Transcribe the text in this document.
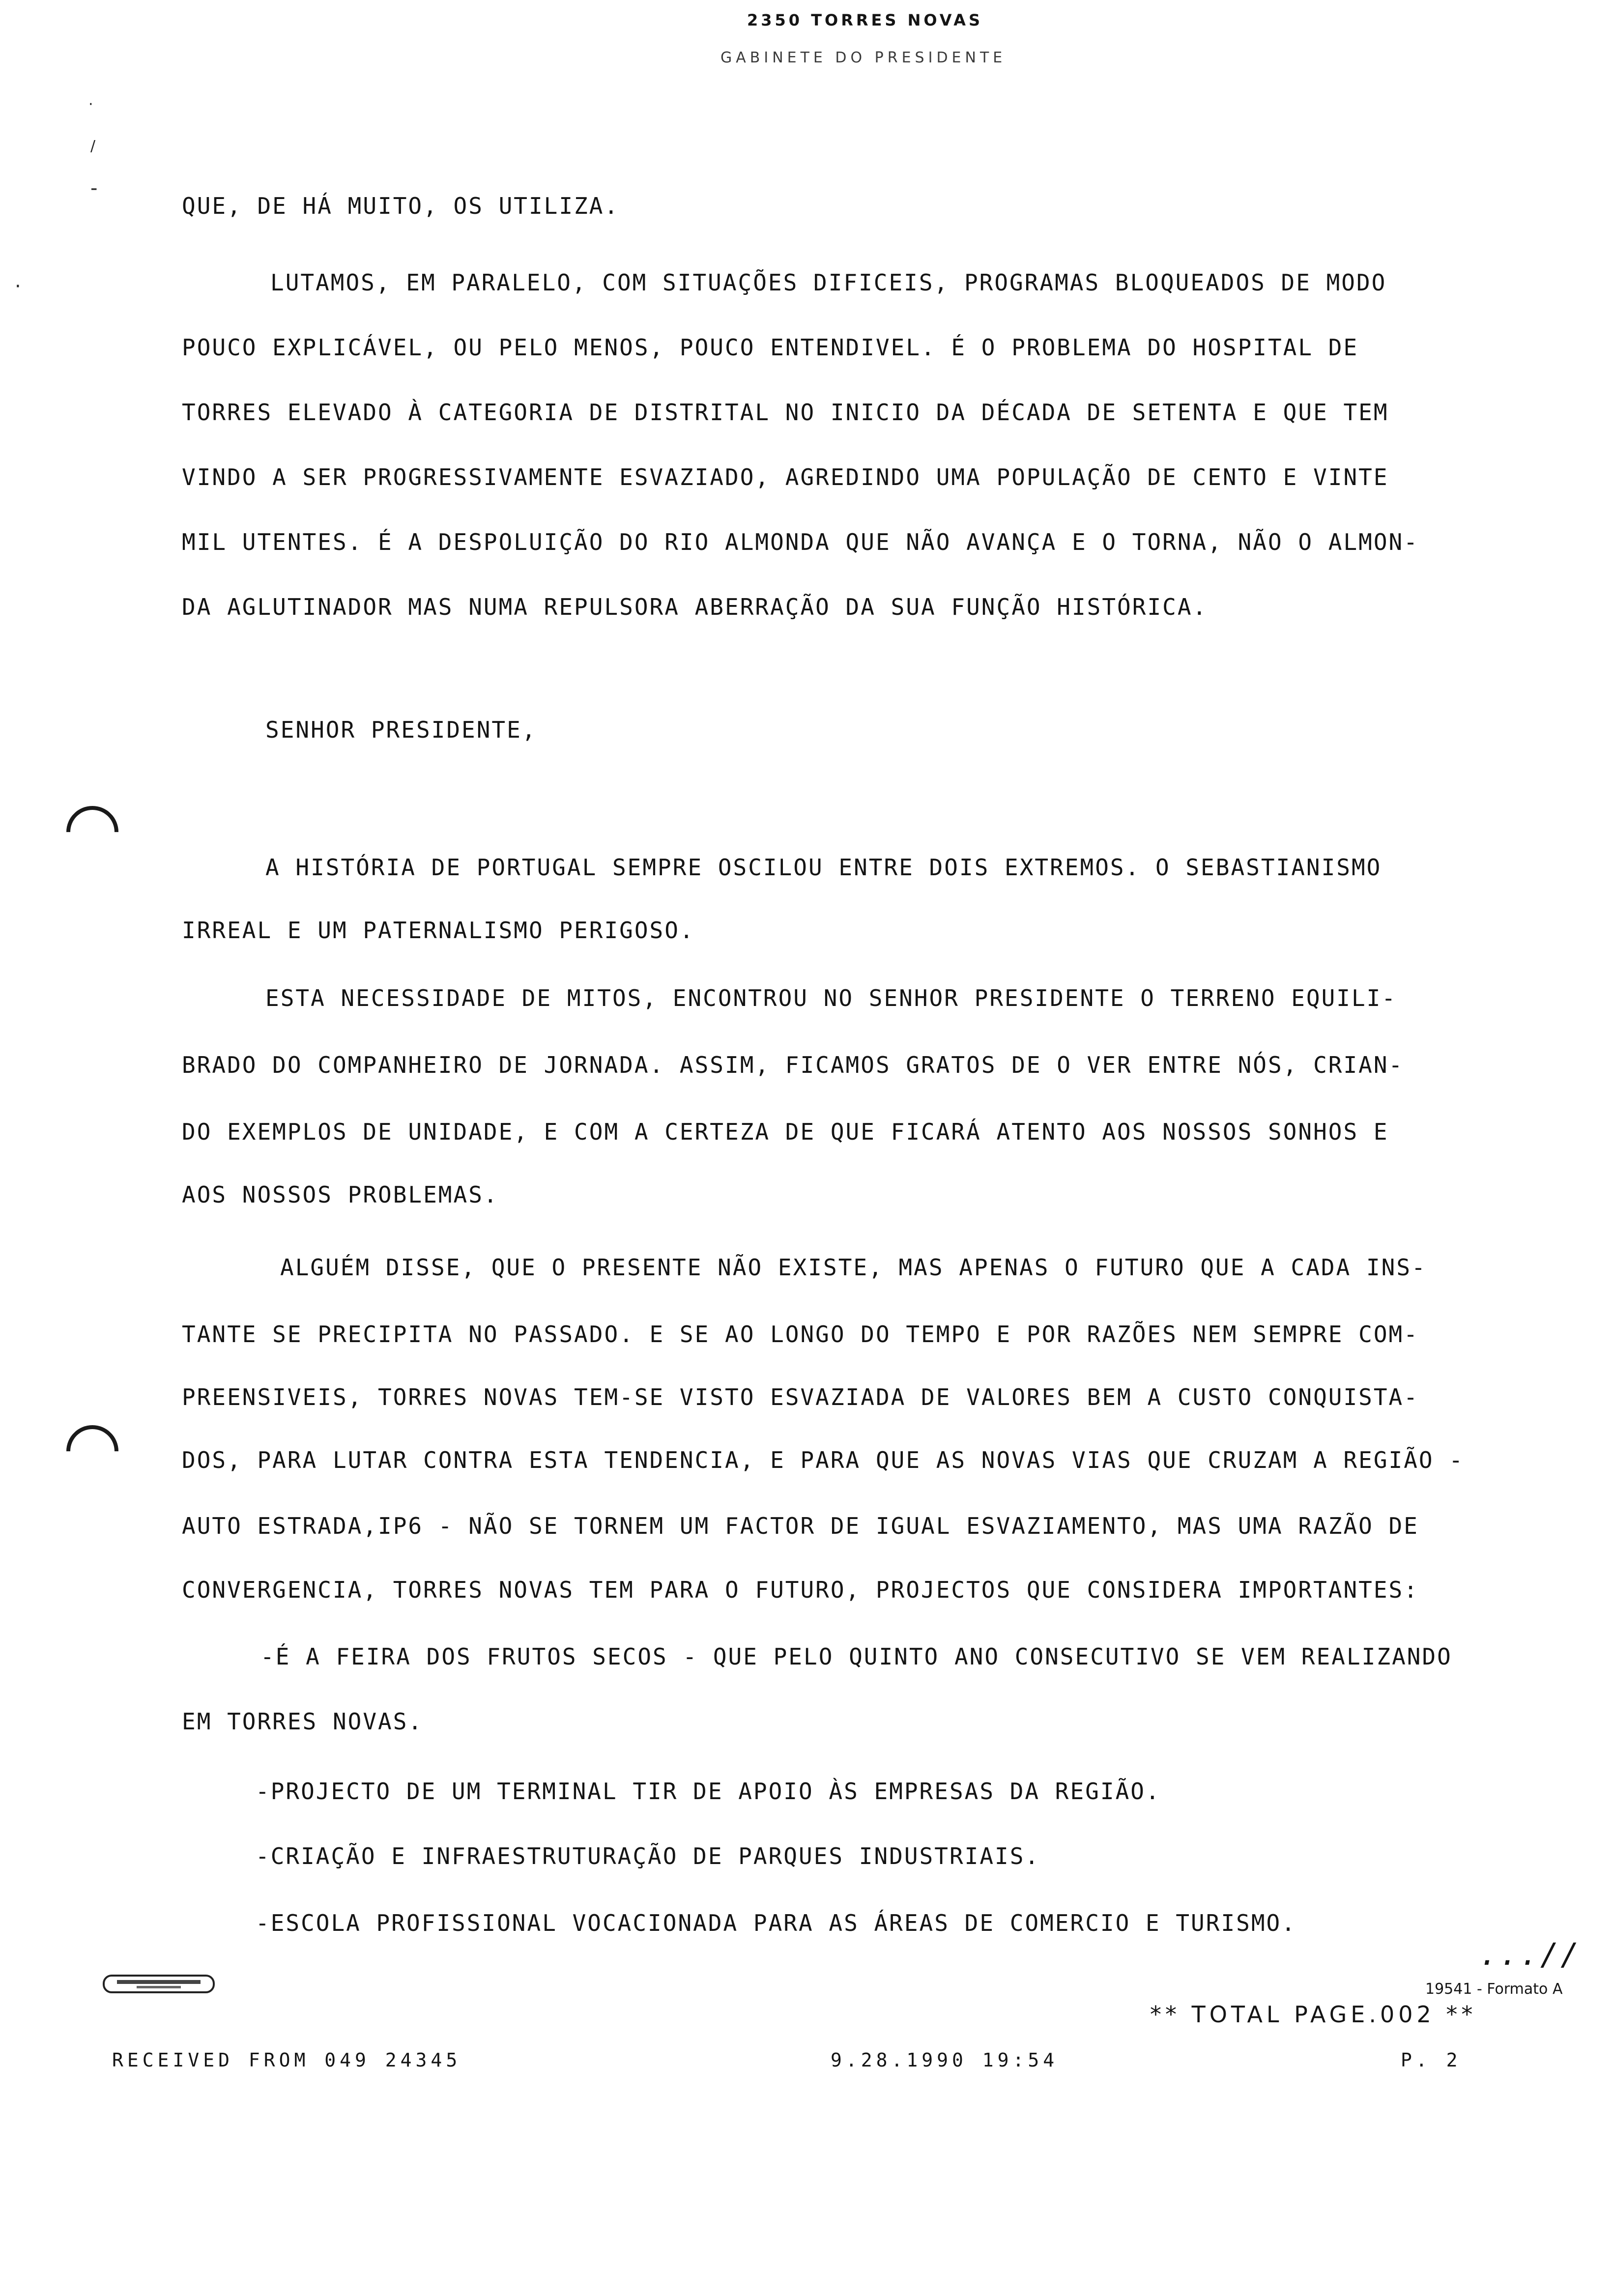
2350 TORRES NOVAS
GABINETE DO PRESIDENTE
·
/
-
·
QUE, DE HÁ MUITO, OS UTILIZA.
LUTAMOS, EM PARALELO, COM SITUAÇÕES DIFICEIS, PROGRAMAS BLOQUEADOS DE MODO
POUCO EXPLICÁVEL, OU PELO MENOS, POUCO ENTENDIVEL. É O PROBLEMA DO HOSPITAL DE
TORRES ELEVADO À CATEGORIA DE DISTRITAL NO INICIO DA DÉCADA DE SETENTA E QUE TEM
VINDO A SER PROGRESSIVAMENTE ESVAZIADO, AGREDINDO UMA POPULAÇÃO DE CENTO E VINTE
MIL UTENTES. É A DESPOLUIÇÃO DO RIO ALMONDA QUE NÃO AVANÇA E O TORNA, NÃO O ALMON-
DA AGLUTINADOR MAS NUMA REPULSORA ABERRAÇÃO DA SUA FUNÇÃO HISTÓRICA.
SENHOR PRESIDENTE,
A HISTÓRIA DE PORTUGAL SEMPRE OSCILOU ENTRE DOIS EXTREMOS. O SEBASTIANISMO
IRREAL E UM PATERNALISMO PERIGOSO.
ESTA NECESSIDADE DE MITOS, ENCONTROU NO SENHOR PRESIDENTE O TERRENO EQUILI-
BRADO DO COMPANHEIRO DE JORNADA. ASSIM, FICAMOS GRATOS DE O VER ENTRE NÓS, CRIAN-
DO EXEMPLOS DE UNIDADE, E COM A CERTEZA DE QUE FICARÁ ATENTO AOS NOSSOS SONHOS E
AOS NOSSOS PROBLEMAS.
ALGUÉM DISSE, QUE O PRESENTE NÃO EXISTE, MAS APENAS O FUTURO QUE A CADA INS-
TANTE SE PRECIPITA NO PASSADO. E SE AO LONGO DO TEMPO E POR RAZÕES NEM SEMPRE COM-
PREENSIVEIS, TORRES NOVAS TEM-SE VISTO ESVAZIADA DE VALORES BEM A CUSTO CONQUISTA-
DOS, PARA LUTAR CONTRA ESTA TENDENCIA, E PARA QUE AS NOVAS VIAS QUE CRUZAM A REGIÃO -
AUTO ESTRADA,IP6 - NÃO SE TORNEM UM FACTOR DE IGUAL ESVAZIAMENTO, MAS UMA RAZÃO DE
CONVERGENCIA, TORRES NOVAS TEM PARA O FUTURO, PROJECTOS QUE CONSIDERA IMPORTANTES:
-É A FEIRA DOS FRUTOS SECOS - QUE PELO QUINTO ANO CONSECUTIVO SE VEM REALIZANDO
EM TORRES NOVAS.
-PROJECTO DE UM TERMINAL TIR DE APOIO ÀS EMPRESAS DA REGIÃO.
-CRIAÇÃO E INFRAESTRUTURAÇÃO DE PARQUES INDUSTRIAIS.
-ESCOLA PROFISSIONAL VOCACIONADA PARA AS ÁREAS DE COMERCIO E TURISMO.
...//
19541 - Formato A
** TOTAL PAGE.002 **
RECEIVED FROM 049 24345	9.28.1990 19:54	P. 2
